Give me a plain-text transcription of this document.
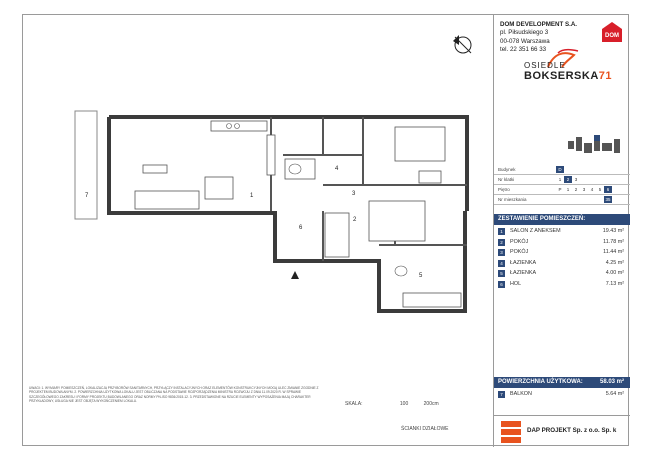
1
2
3
4
5
6
7
SKALA:	100	200cm
ŚCIANKI DZIAŁOWE
UWAGI: 1. WYMIARY POMIESZCZEŃ, LOKALIZACJA PRZYBORÓW SANITARNYCH, PRZYŁĄCZY INSTALACYJNYCH ORAZ ELEMENTÓW KONSTRUKCYJNYCH MOGĄ ULEC ZMIANIE ZGODNIE Z PROJEKTEM BUDOWLANYM. 2. POWIERZCHNIA UŻYTKOWA LOKALU JEST OBLICZANA NA PODSTAWIE ROZPORZĄDZENIA MINISTRA ROZWOJU Z DNIA 11.09.2020 R. W SPRAWIE SZCZEGÓŁOWEGO ZAKRESU I FORMY PROJEKTU BUDOWLANEGO ORAZ NORMY PN-ISO 9836:2015-12. 3. PRZEDSTAWIONE NA RZUCIE ELEMENTY WYPOSAŻENIA MAJĄ CHARAKTER PRZYKŁADOWY, USŁUGA NIE JEST OBJĘTA WYKOŃCZENIEM LOKALU.
DOM DEVELOPMENT S.A.
pl. Piłsudskiego 3
00-078 Warszawa
tel. 22 351 66 33
DOM
OSIEDLE
BOKSERSKA71
Budynek	D
Nr klatki	1	2	3
Piętro	P	1	2	3	4	5	6
Nr mieszkania	35
ZESTAWIENIE POMIESZCZEŃ:
1	SALON Z ANEKSEM	19.43 m²
2	POKÓJ	11.78 m²
3	POKÓJ	11.44 m²
4	ŁAZIENKA	4.25 m²
5	ŁAZIENKA	4.00 m²
6	HOL	7.13 m²
POWIERZCHNIA UŻYTKOWA:	58.03 m²
7	BALKON	5.64 m²
DAP PROJEKT Sp. z o.o. Sp. k
